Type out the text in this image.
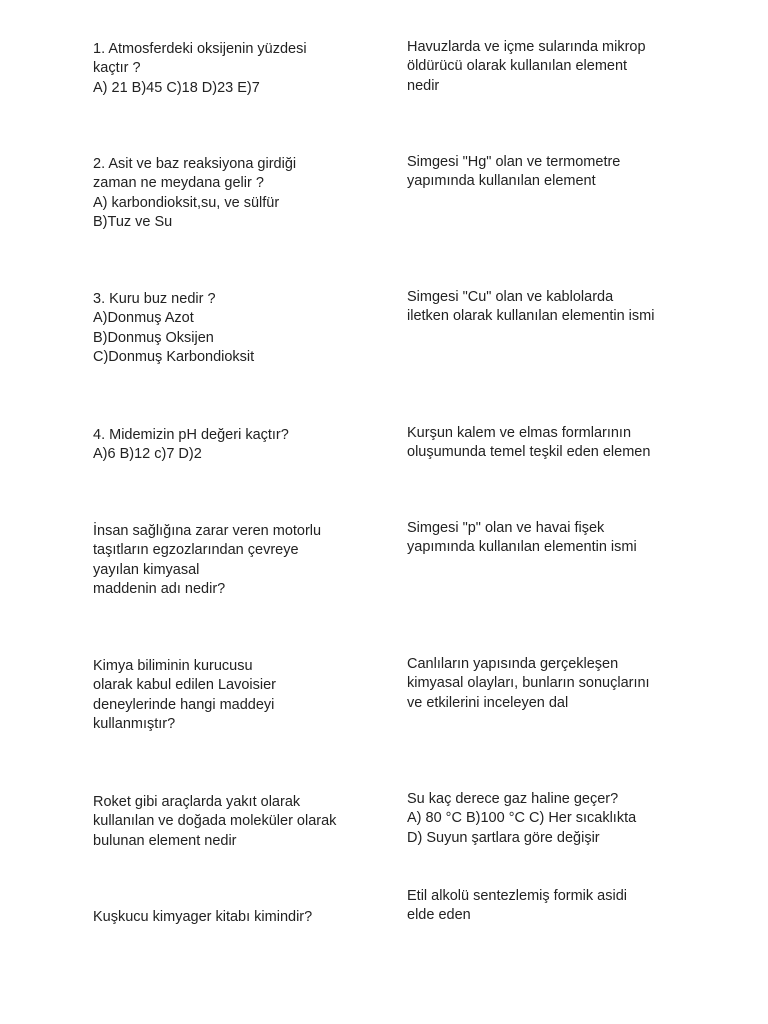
1. Atmosferdeki oksijenin yüzdesi
kaçtır ?
A) 21 B)45 C)18 D)23 E)7
2. Asit ve baz reaksiyona girdiği
zaman ne meydana gelir ?
A) karbondioksit,su, ve sülfür
B)Tuz ve Su
3. Kuru buz nedir ?
A)Donmuş Azot
B)Donmuş Oksijen
C)Donmuş Karbondioksit
4. Midemizin pH değeri kaçtır?
A)6 B)12 c)7 D)2
İnsan sağlığına zarar veren motorlu
taşıtların egzozlarından çevreye
yayılan kimyasal
maddenin adı nedir?
Kimya biliminin kurucusu
olarak kabul edilen Lavoisier
deneylerinde hangi maddeyi
kullanmıştır?
Roket gibi araçlarda yakıt olarak
kullanılan ve doğada moleküler olarak
bulunan element nedir
Kuşkucu kimyager kitabı kimindir?
Havuzlarda ve içme sularında mikrop
öldürücü olarak kullanılan element
nedir
Simgesi "Hg" olan ve termometre
yapımında kullanılan element
Simgesi "Cu" olan ve kablolarda
iletken olarak kullanılan elementin ismi
Kurşun kalem ve elmas formlarının
oluşumunda temel teşkil eden elemen
Simgesi "p" olan ve havai fişek
yapımında kullanılan elementin ismi
Canlıların yapısında gerçekleşen
kimyasal olayları, bunların sonuçlarını
ve etkilerini inceleyen dal
Su kaç derece gaz haline geçer?
A) 80 °C B)100 °C C) Her sıcaklıkta
D) Suyun şartlara göre değişir
Etil alkolü sentezlemiş formik asidi
elde eden
